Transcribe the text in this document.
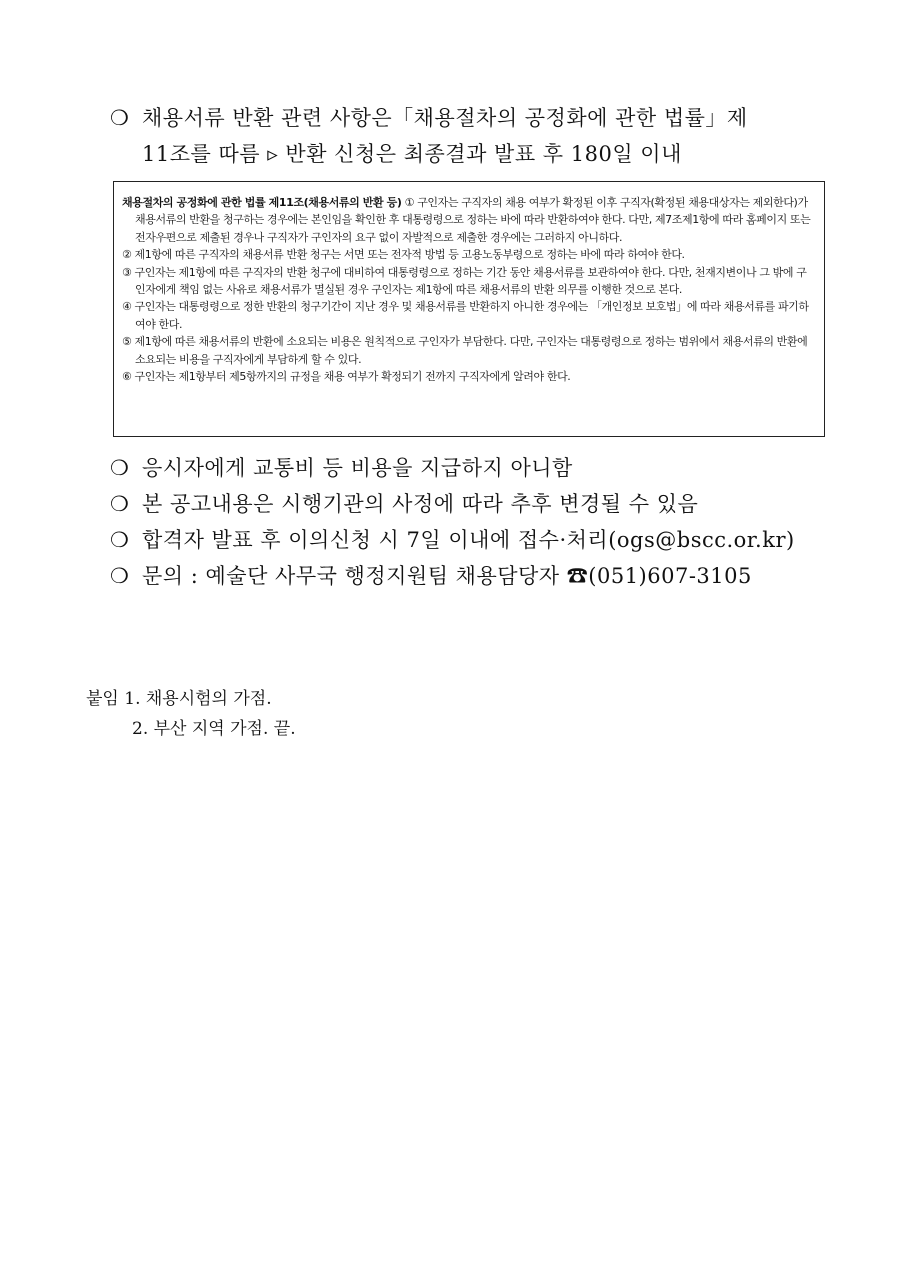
❍ 채용서류 반환 관련 사항은「채용절차의 공정화에 관한 법률」제
11조를 따름 ▹ 반환 신청은 최종결과 발표 후 180일 이내

채용절차의 공정화에 관한 법률 제11조(채용서류의 반환 등) ① 구인자는 구직자의 채용 여부가 확정된 이후 구직자(확정된 채용대상자는 제외한다)가 채용서류의 반환을 청구하는 경우에는 본인임을 확인한 후 대통령령으로 정하는 바에 따라 반환하여야 한다. 다만, 제7조제1항에 따라 홈페이지 또는 전자우편으로 제출된 경우나 구직자가 구인자의 요구 없이 자발적으로 제출한 경우에는 그러하지 아니하다.

② 제1항에 따른 구직자의 채용서류 반환 청구는 서면 또는 전자적 방법 등 고용노동부령으로 정하는 바에 따라 하여야 한다.

③ 구인자는 제1항에 따른 구직자의 반환 청구에 대비하여 대통령령으로 정하는 기간 동안 채용서류를 보관하여야 한다. 다만, 천재지변이나 그 밖에 구인자에게 책임 없는 사유로 채용서류가 멸실된 경우 구인자는 제1항에 따른 채용서류의 반환 의무를 이행한 것으로 본다.

④ 구인자는 대통령령으로 정한 반환의 청구기간이 지난 경우 및 채용서류를 반환하지 아니한 경우에는 「개인정보 보호법」에 따라 채용서류를 파기하여야 한다.

⑤ 제1항에 따른 채용서류의 반환에 소요되는 비용은 원칙적으로 구인자가 부담한다. 다만, 구인자는 대통령령으로 정하는 범위에서 채용서류의 반환에 소요되는 비용을 구직자에게 부담하게 할 수 있다.

⑥ 구인자는 제1항부터 제5항까지의 규정을 채용 여부가 확정되기 전까지 구직자에게 알려야 한다.

❍ 응시자에게 교통비 등 비용을 지급하지 아니함
❍ 본 공고내용은 시행기관의 사정에 따라 추후 변경될 수 있음
❍ 합격자 발표 후 이의신청 시 7일 이내에 접수·처리(ogs@bscc.or.kr)
❍ 문의 : 예술단 사무국 행정지원팀 채용담당자 ☎(051)607-3105
붙임 1. 채용시험의 가점.
2. 부산 지역 가점. 끝.
